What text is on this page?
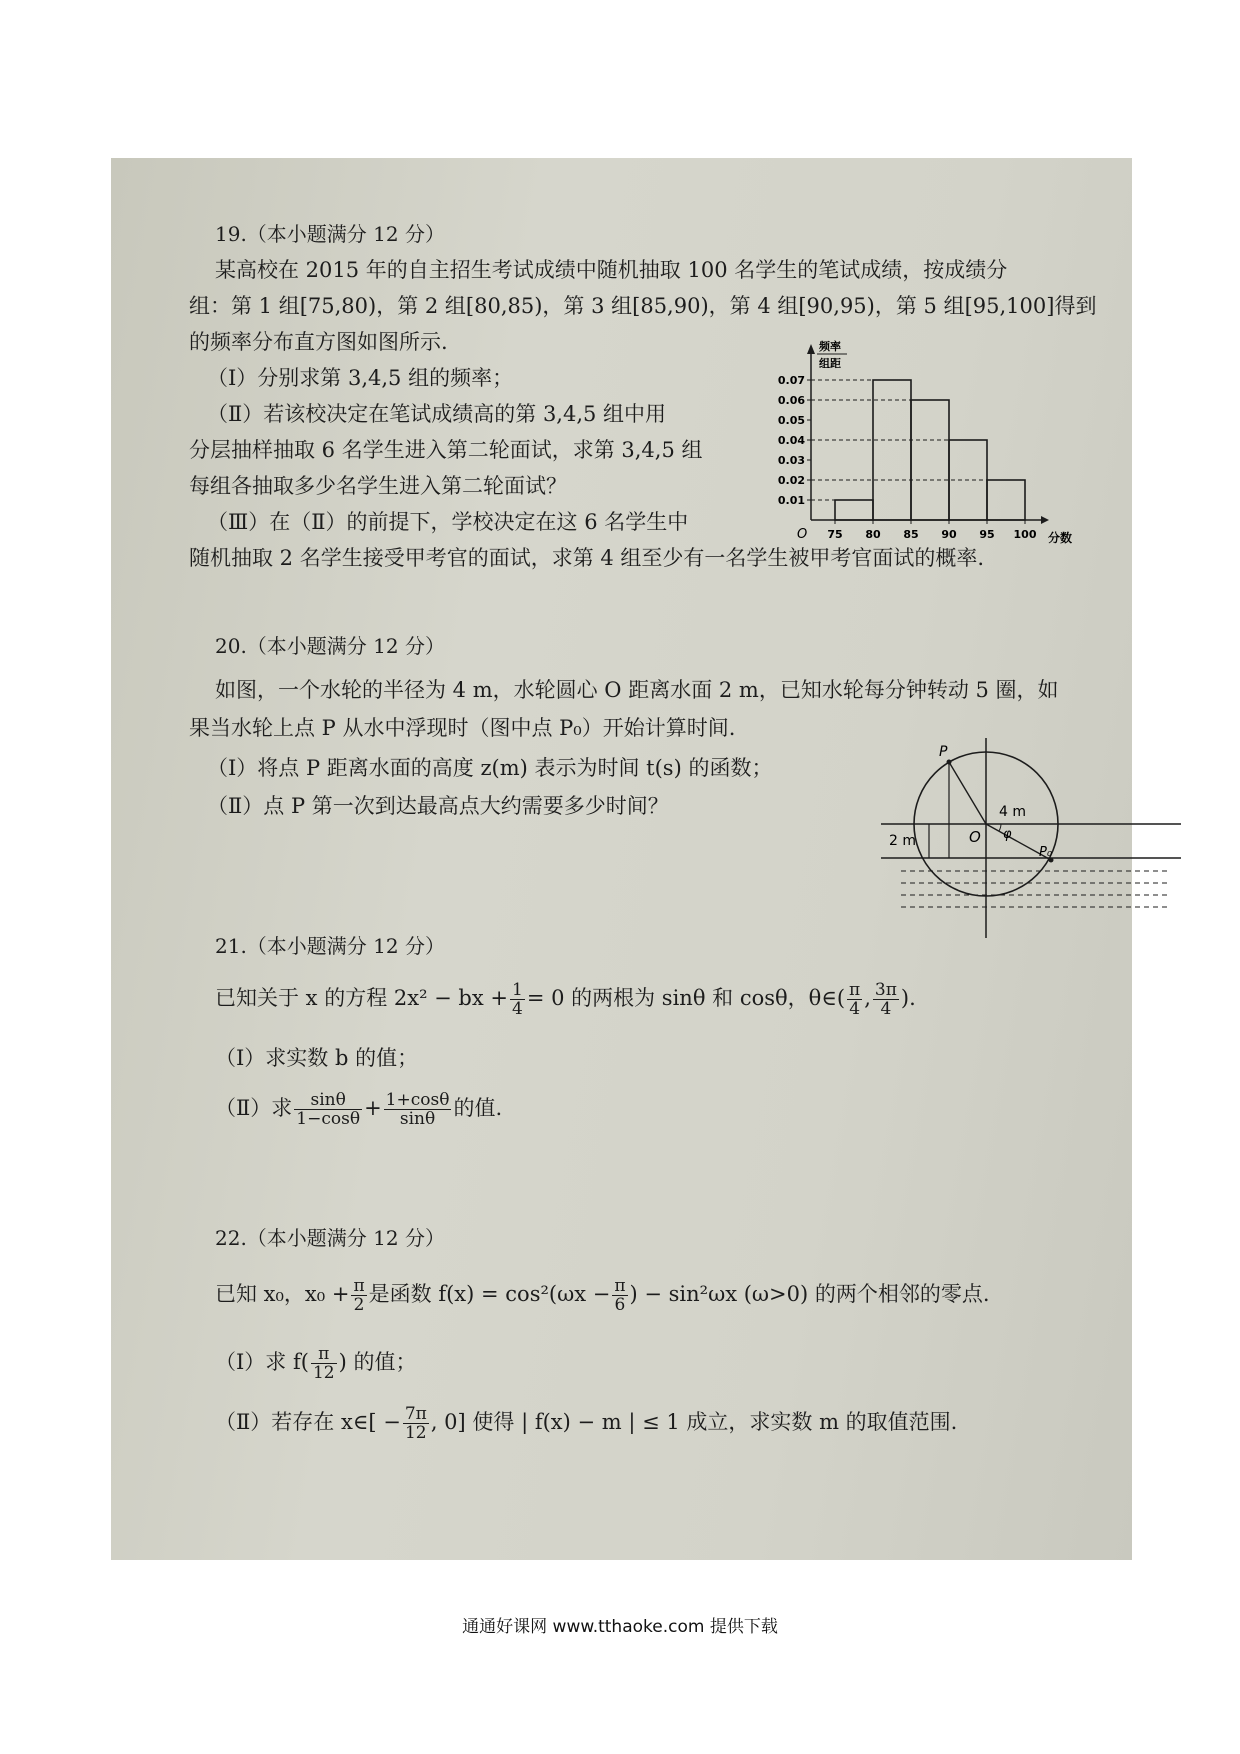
19.（本小题满分 12 分）
某高校在 2015 年的自主招生考试成绩中随机抽取 100 名学生的笔试成绩，按成绩分
组：第 1 组[75,80)，第 2 组[80,85)，第 3 组[85,90)，第 4 组[90,95)，第 5 组[95,100]得到
的频率分布直方图如图所示.
（Ⅰ）分别求第 3,4,5 组的频率；
（Ⅱ）若该校决定在笔试成绩高的第 3,4,5 组中用
分层抽样抽取 6 名学生进入第二轮面试，求第 3,4,5 组
每组各抽取多少名学生进入第二轮面试？
（Ⅲ）在（Ⅱ）的前提下，学校决定在这 6 名学生中
随机抽取 2 名学生接受甲考官的面试，求第 4 组至少有一名学生被甲考官面试的概率.
频率
组距
分数
O
0.01
0.02
0.03
0.04
0.05
0.06
0.07
75 80 85 90 95 100
20.（本小题满分 12 分）
如图，一个水轮的半径为 4 m，水轮圆心 O 距离水面 2 m，已知水轮每分钟转动 5 圈，如
果当水轮上点 P 从水中浮现时（图中点 P₀）开始计算时间.
（Ⅰ）将点 P 距离水面的高度 z(m) 表示为时间 t(s) 的函数；
（Ⅱ）点 P 第一次到达最高点大约需要多少时间？
P
O
4 m
2 m	φ
P₀
21.（本小题满分 12 分）
已知关于 x 的方程 2x² − bx + $\frac{1}{4} = 0$ 的两根为 sinθ 和 cosθ，θ∈( $\frac{\pi}{4}$ , $\frac{3\pi}{4}$ ).
（Ⅰ）求实数 b 的值；
（Ⅱ）求 $\frac{\sin\theta}{1-\cos\theta} + \frac{1+\cos\theta}{\sin\theta}$ 的值.
22.（本小题满分 12 分）
已知 x₀，$x_0 + \frac{\pi}{2}$ 是函数 $f(x) = \cos^2(\omega x - \frac{\pi}{6}$ ) − sin²ωx (ω>0) 的两个相邻的零点.
（Ⅰ）求 $f( \frac{\pi}{12}$ ) 的值；
（Ⅱ）若存在 x∈[ − $\frac{7\pi}{12}$ , 0] 使得 | f(x) − m | ≤ 1 成立，求实数 m 的取值范围.
通通好课网 www.tthaoke.com 提供下载
